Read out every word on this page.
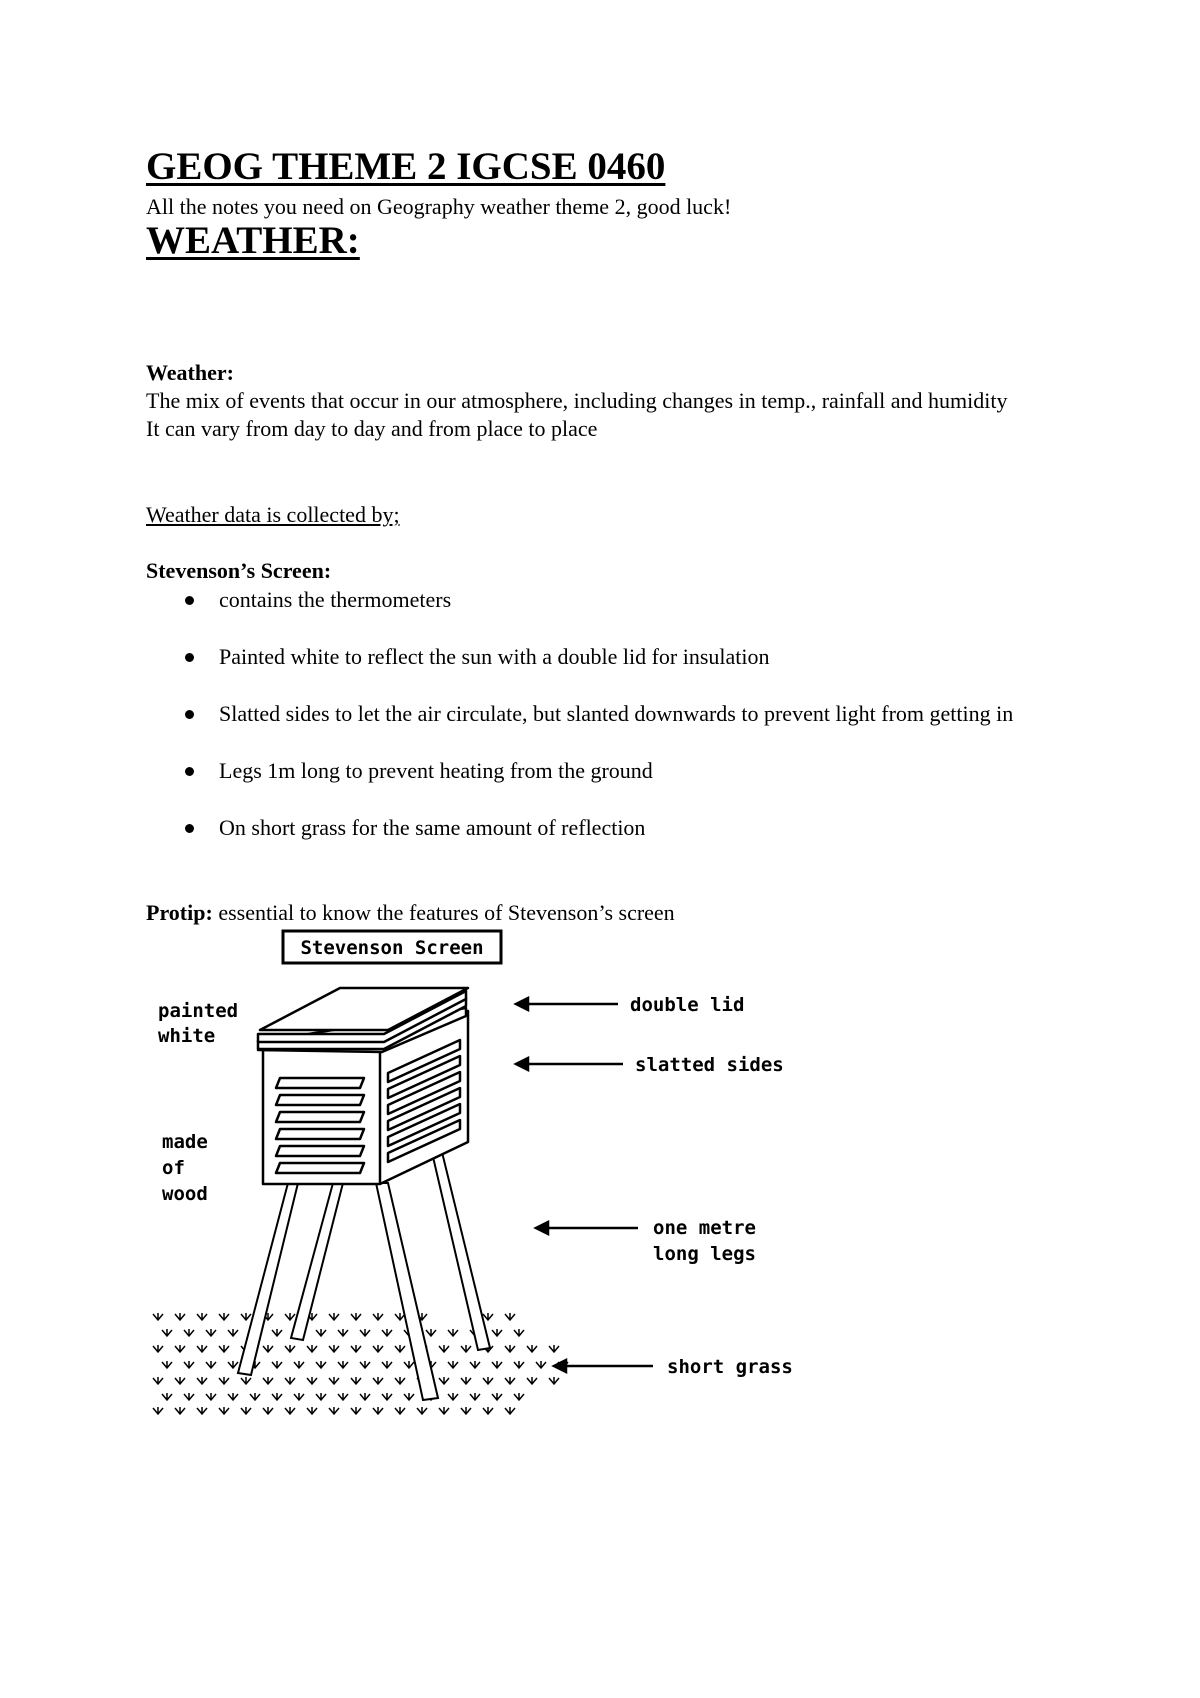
GEOG THEME 2 IGCSE 0460

All the notes you need on Geography weather theme 2, good luck!

WEATHER:
Weather:
The mix of events that occur in our atmosphere, including changes in temp., rainfall and humidity
It can vary from day to day and from place to place
Weather data is collected by;
Stevenson’s Screen:
contains the thermometers
Painted white to reflect the sun with a double lid for insulation
Slatted sides to let the air circulate, but slanted downwards to prevent light from getting in
Legs 1m long to prevent heating from the ground
On short grass for the same amount of reflection
Protip: essential to know the features of Stevenson’s screen
Stevenson Screen
painted
white
made
of
wood
double lid
slatted sides
one metre
long legs
short grass
